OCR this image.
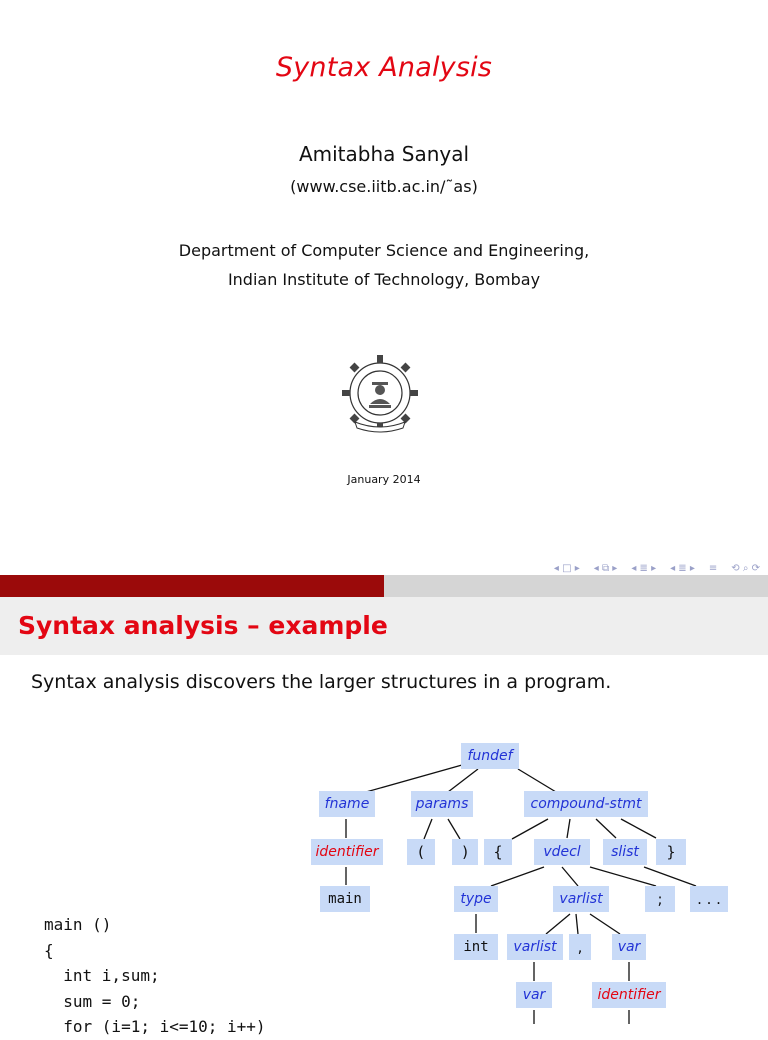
Syntax Analysis
Amitabha Sanyal
(www.cse.iitb.ac.in/˜as)
Department of Computer Science and Engineering,
Indian Institute of Technology, Bombay
January 2014
◂ □ ▸ ◂ ⧉ ▸ ◂ ≣ ▸ ◂ ≣ ▸ ≡ ⟲ ⌕ ⟳
Syntax analysis – example
Syntax analysis discovers the larger structures in a program.
main ()
{
int i,sum;
sum = 0;
for (i=1; i<=10; i++)
fundef
fname	params	compound-stmt
identifier	(	)	{	vdecl	slist	}
main	type	varlist	;	. . .
int	varlist	,	var
var	identifier
